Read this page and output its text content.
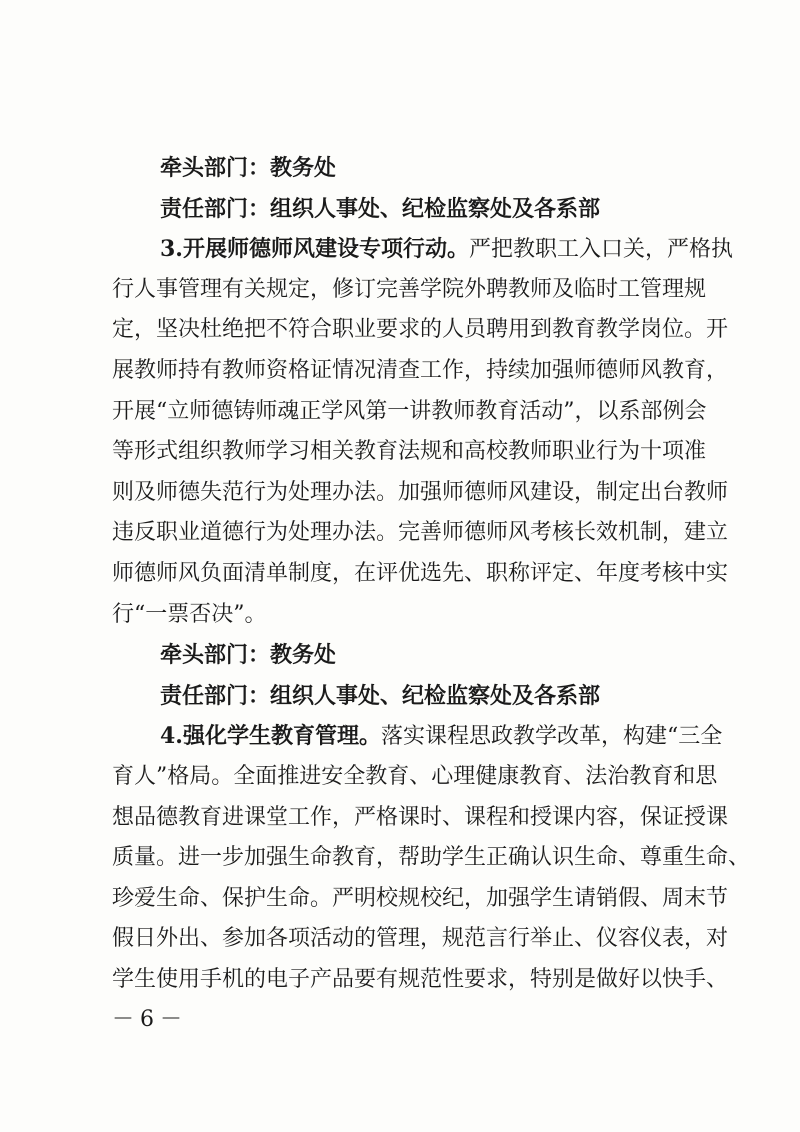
牵头部门：教务处
责任部门：组织人事处、纪检监察处及各系部
3.开展师德师风建设专项行动。严把教职工入口关，严格执
行人事管理有关规定，修订完善学院外聘教师及临时工管理规
定，坚决杜绝把不符合职业要求的人员聘用到教育教学岗位。开
展教师持有教师资格证情况清查工作，持续加强师德师风教育，
开展“立师德铸师魂正学风第一讲教师教育活动”，以系部例会
等形式组织教师学习相关教育法规和高校教师职业行为十项准
则及师德失范行为处理办法。加强师德师风建设，制定出台教师
违反职业道德行为处理办法。完善师德师风考核长效机制，建立
师德师风负面清单制度，在评优选先、职称评定、年度考核中实
行“一票否决”。
牵头部门：教务处
责任部门：组织人事处、纪检监察处及各系部
4.强化学生教育管理。落实课程思政教学改革，构建“三全
育人”格局。全面推进安全教育、心理健康教育、法治教育和思
想品德教育进课堂工作，严格课时、课程和授课内容，保证授课
质量。进一步加强生命教育，帮助学生正确认识生命、尊重生命、
珍爱生命、保护生命。严明校规校纪，加强学生请销假、周末节
假日外出、参加各项活动的管理，规范言行举止、仪容仪表，对
学生使用手机的电子产品要有规范性要求，特别是做好以快手、
－6－
